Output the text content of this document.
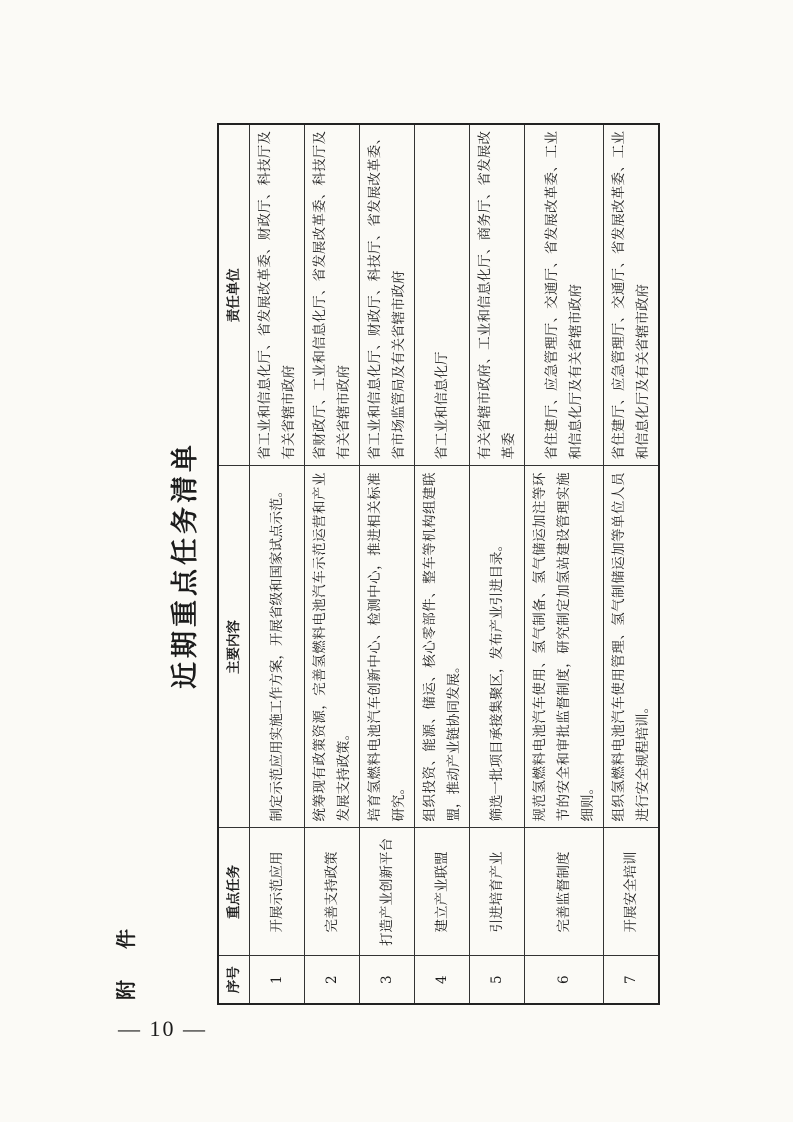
— 10 —
附 件
近期重点任务清单
序号	重点任务	主要内容	责任单位
1	开展示范应用	制定示范应用实施工作方案，开展省级和国家试点示范。	省工业和信息化厅、省发展改革委、财政厅、科技厅及有关省辖市政府
2	完善支持政策	统筹现有政策资源，完善氢燃料电池汽车示范运营和产业发展支持政策。	省财政厅、工业和信息化厅、省发展改革委、科技厅及有关省辖市政府
3	打造产业创新平台	培育氢燃料电池汽车创新中心、检测中心，推进相关标准研究。	省工业和信息化厅、财政厅、科技厅、省发展改革委、省市场监管局及有关省辖市政府
4	建立产业联盟	组织投资、能源、储运、核心零部件、整车等机构组建联盟，推动产业链协同发展。	省工业和信息化厅
5	引进培育产业	筛选一批项目承接集聚区，发布产业引进目录。	有关省辖市政府、工业和信息化厅、商务厅、省发展改革委
6	完善监督制度	规范氢燃料电池汽车使用、氢气制备、氢气储运加注等环节的安全和审批监督制度，研究制定加氢站建设管理实施细则。	省住建厅、应急管理厅、交通厅、省发展改革委、工业和信息化厅及有关省辖市政府
7	开展安全培训	组织氢燃料电池汽车使用管理、氢气制储运加等单位人员进行安全规程培训。	省住建厅、应急管理厅、交通厅、省发展改革委、工业和信息化厅及有关省辖市政府
